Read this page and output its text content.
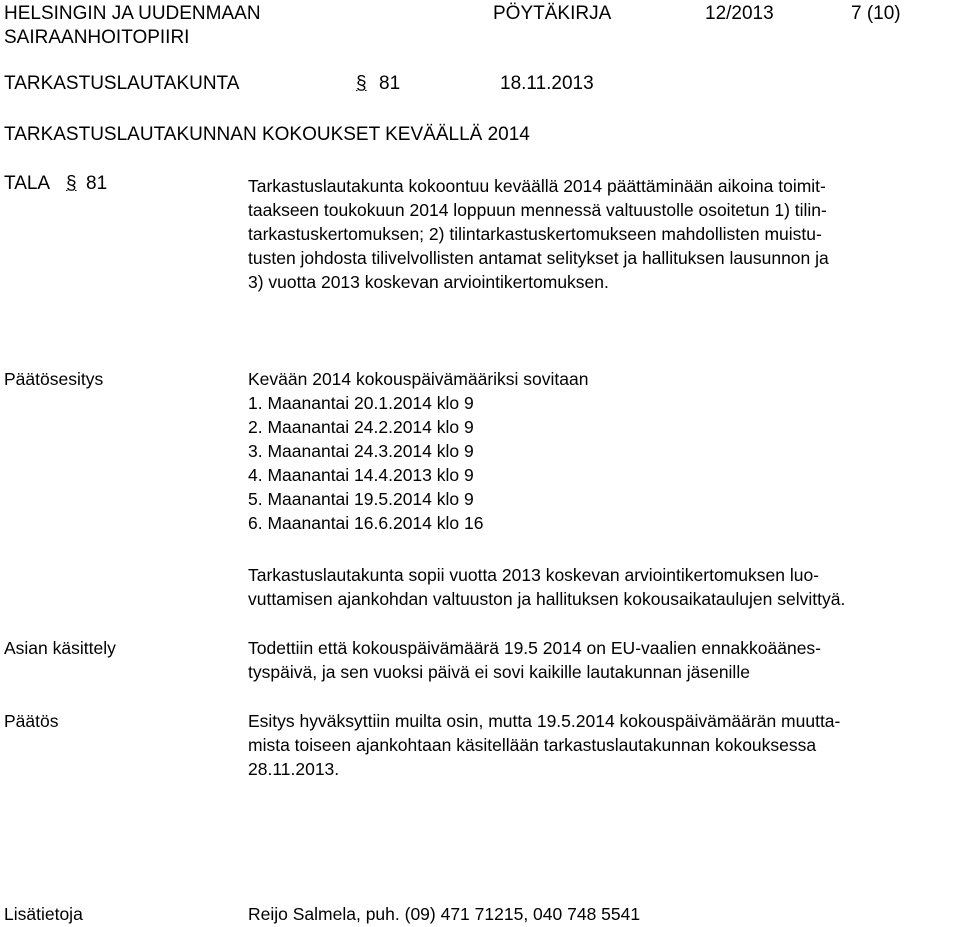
HELSINGIN JA UUDENMAAN
SAIRAANHOITOPIIRI
PÖYTÄKIRJA	12/2013	7 (10)
TARKASTUSLAUTAKUNTA	§ 81	18.11.2013
TARKASTUSLAUTAKUNNAN KOKOUKSET KEVÄÄLLÄ 2014
TALA § 81	Tarkastuslautakunta kokoontuu keväällä 2014 päättäminään aikoina toimit-
taakseen toukokuun 2014 loppuun mennessä valtuustolle osoitetun 1) tilin-
tarkastuskertomuksen; 2) tilintarkastuskertomukseen mahdollisten muistu-
tusten johdosta tilivelvollisten antamat selitykset ja hallituksen lausunnon ja
3) vuotta 2013 koskevan arviointikertomuksen.
Päätösesitys	Kevään 2014 kokouspäivämääriksi sovitaan
1. Maanantai 20.1.2014 klo 9
2. Maanantai 24.2.2014 klo 9
3. Maanantai 24.3.2014 klo 9
4. Maanantai 14.4.2013 klo 9
5. Maanantai 19.5.2014 klo 9
6. Maanantai 16.6.2014 klo 16
Tarkastuslautakunta sopii vuotta 2013 koskevan arviointikertomuksen luo-
vuttamisen ajankohdan valtuuston ja hallituksen kokousaikataulujen selvittyä.
Asian käsittely	Todettiin että kokouspäivämäärä 19.5 2014 on EU-vaalien ennakkoäänes-
tyspäivä, ja sen vuoksi päivä ei sovi kaikille lautakunnan jäsenille
Päätös	Esitys hyväksyttiin muilta osin, mutta 19.5.2014 kokouspäivämäärän muutta-
mista toiseen ajankohtaan käsitellään tarkastuslautakunnan kokouksessa
28.11.2013.
Lisätietoja	Reijo Salmela, puh. (09) 471 71215, 040 748 5541
